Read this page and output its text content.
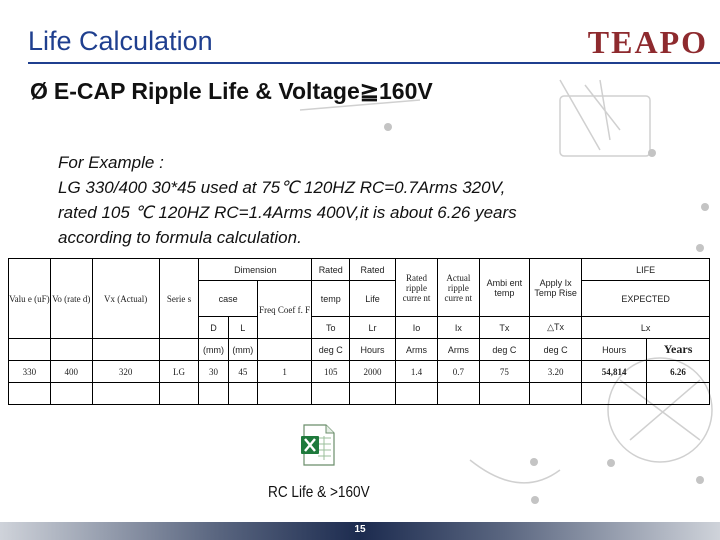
Life Calculation	TEAPO
Ø E-CAP Ripple Life & Voltage≧160V
For Example :
LG 330/400 30*45 used at 75℃ 120HZ RC=0.7Arms 320V,
rated 105 ℃ 120HZ RC=1.4Arms 400V,it is about 6.26 years
according to formula calculation.
Valu e (uF)	Vo (rate d)	Vx (Actual)	Serie s	Dimension			Rated	Rated	Rated ripple curre nt	Actual ripple curre nt	Ambi ent temp	Apply Ix Temp Rise	LIFE	
				case		Freq Coef f. F	temp	Life					EXPECTED	
				D	L		To	Lr	Io	Ix	Tx	△Tx	Lx	
				(mm)	(mm)		deg C	Hours	Arms	Arms	deg C	deg C	Hours	Years
330	400	320	LG	30	45	1	105	2000	1.4	0.7	75	3.20	54,814	6.26

RC Life & >160V
15
